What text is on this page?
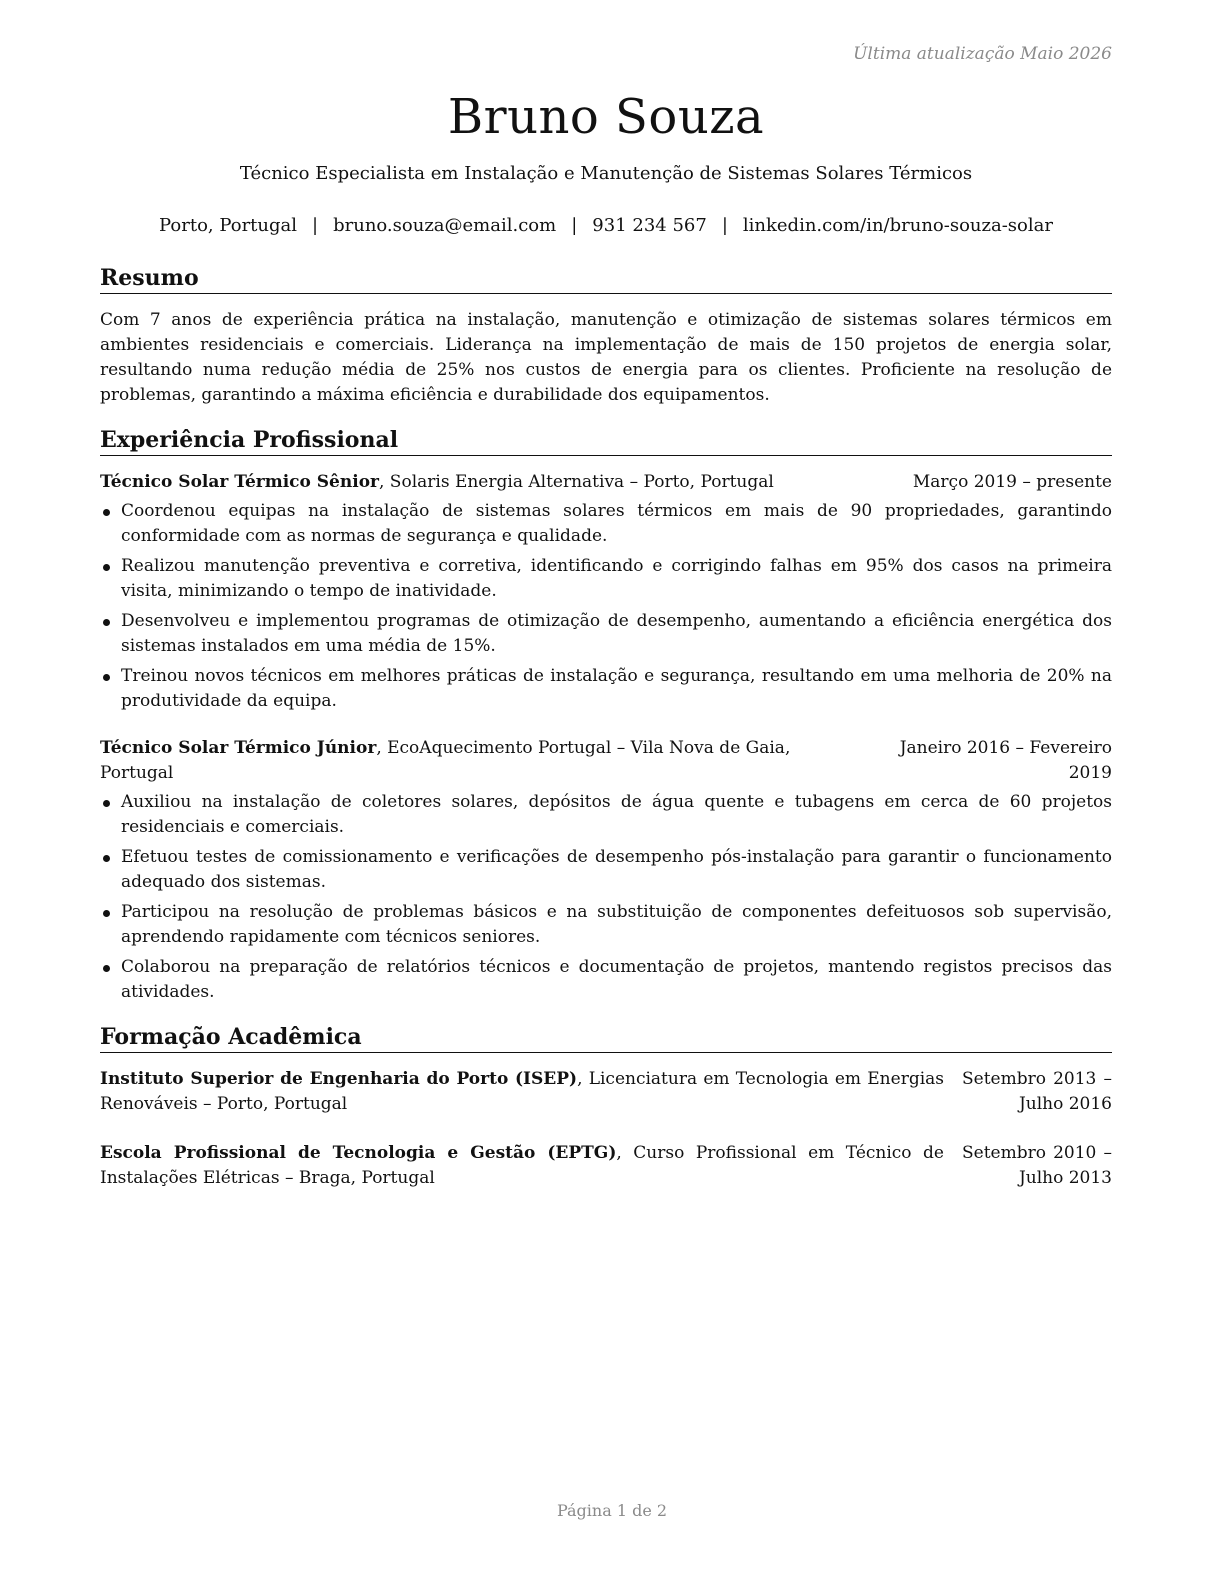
Última atualização Maio 2026

Bruno Souza

Técnico Especialista em Instalação e Manutenção de Sistemas Solares Térmicos

Porto, Portugal | bruno.souza@email.com | 931 234 567 | linkedin.com/in/bruno-souza-solar

Resumo

Com 7 anos de experiência prática na instalação, manutenção e otimização de sistemas solares térmicos em ambientes residenciais e comerciais. Liderança na implementação de mais de 150 projetos de energia solar, resultando numa redução média de 25% nos custos de energia para os clientes. Proficiente na resolução de problemas, garantindo a máxima eficiência e durabilidade dos equipamentos.

Experiência Profissional
Técnico Solar Térmico Sênior, Solaris Energia Alternativa – Porto, Portugal	Março 2019 – presente
Coordenou equipas na instalação de sistemas solares térmicos em mais de 90 propriedades, garantindo conformidade com as normas de segurança e qualidade.
Realizou manutenção preventiva e corretiva, identificando e corrigindo falhas em 95% dos casos na primeira visita, minimizando o tempo de inatividade.
Desenvolveu e implementou programas de otimização de desempenho, aumentando a eficiência energética dos sistemas instalados em uma média de 15%.
Treinou novos técnicos em melhores práticas de instalação e segurança, resultando em uma melhoria de 20% na produtividade da equipa.
Técnico Solar Térmico Júnior, EcoAquecimento Portugal – Vila Nova de Gaia, Portugal
Janeiro 2016 – Fevereiro 2019
Auxiliou na instalação de coletores solares, depósitos de água quente e tubagens em cerca de 60 projetos residenciais e comerciais.
Efetuou testes de comissionamento e verificações de desempenho pós-instalação para garantir o funcionamento adequado dos sistemas.
Participou na resolução de problemas básicos e na substituição de componentes defeituosos sob supervisão, aprendendo rapidamente com técnicos seniores.
Colaborou na preparação de relatórios técnicos e documentação de projetos, mantendo registos precisos das atividades.
Formação Acadêmica
Instituto Superior de Engenharia do Porto (ISEP), Licenciatura em Tecnologia em Energias Renováveis – Porto, Portugal
Setembro 2013 – Julho 2016
Escola Profissional de Tecnologia e Gestão (EPTG), Curso Profissional em Técnico de Instalações Elétricas – Braga, Portugal
Setembro 2010 – Julho 2013

Página 1 de 2
